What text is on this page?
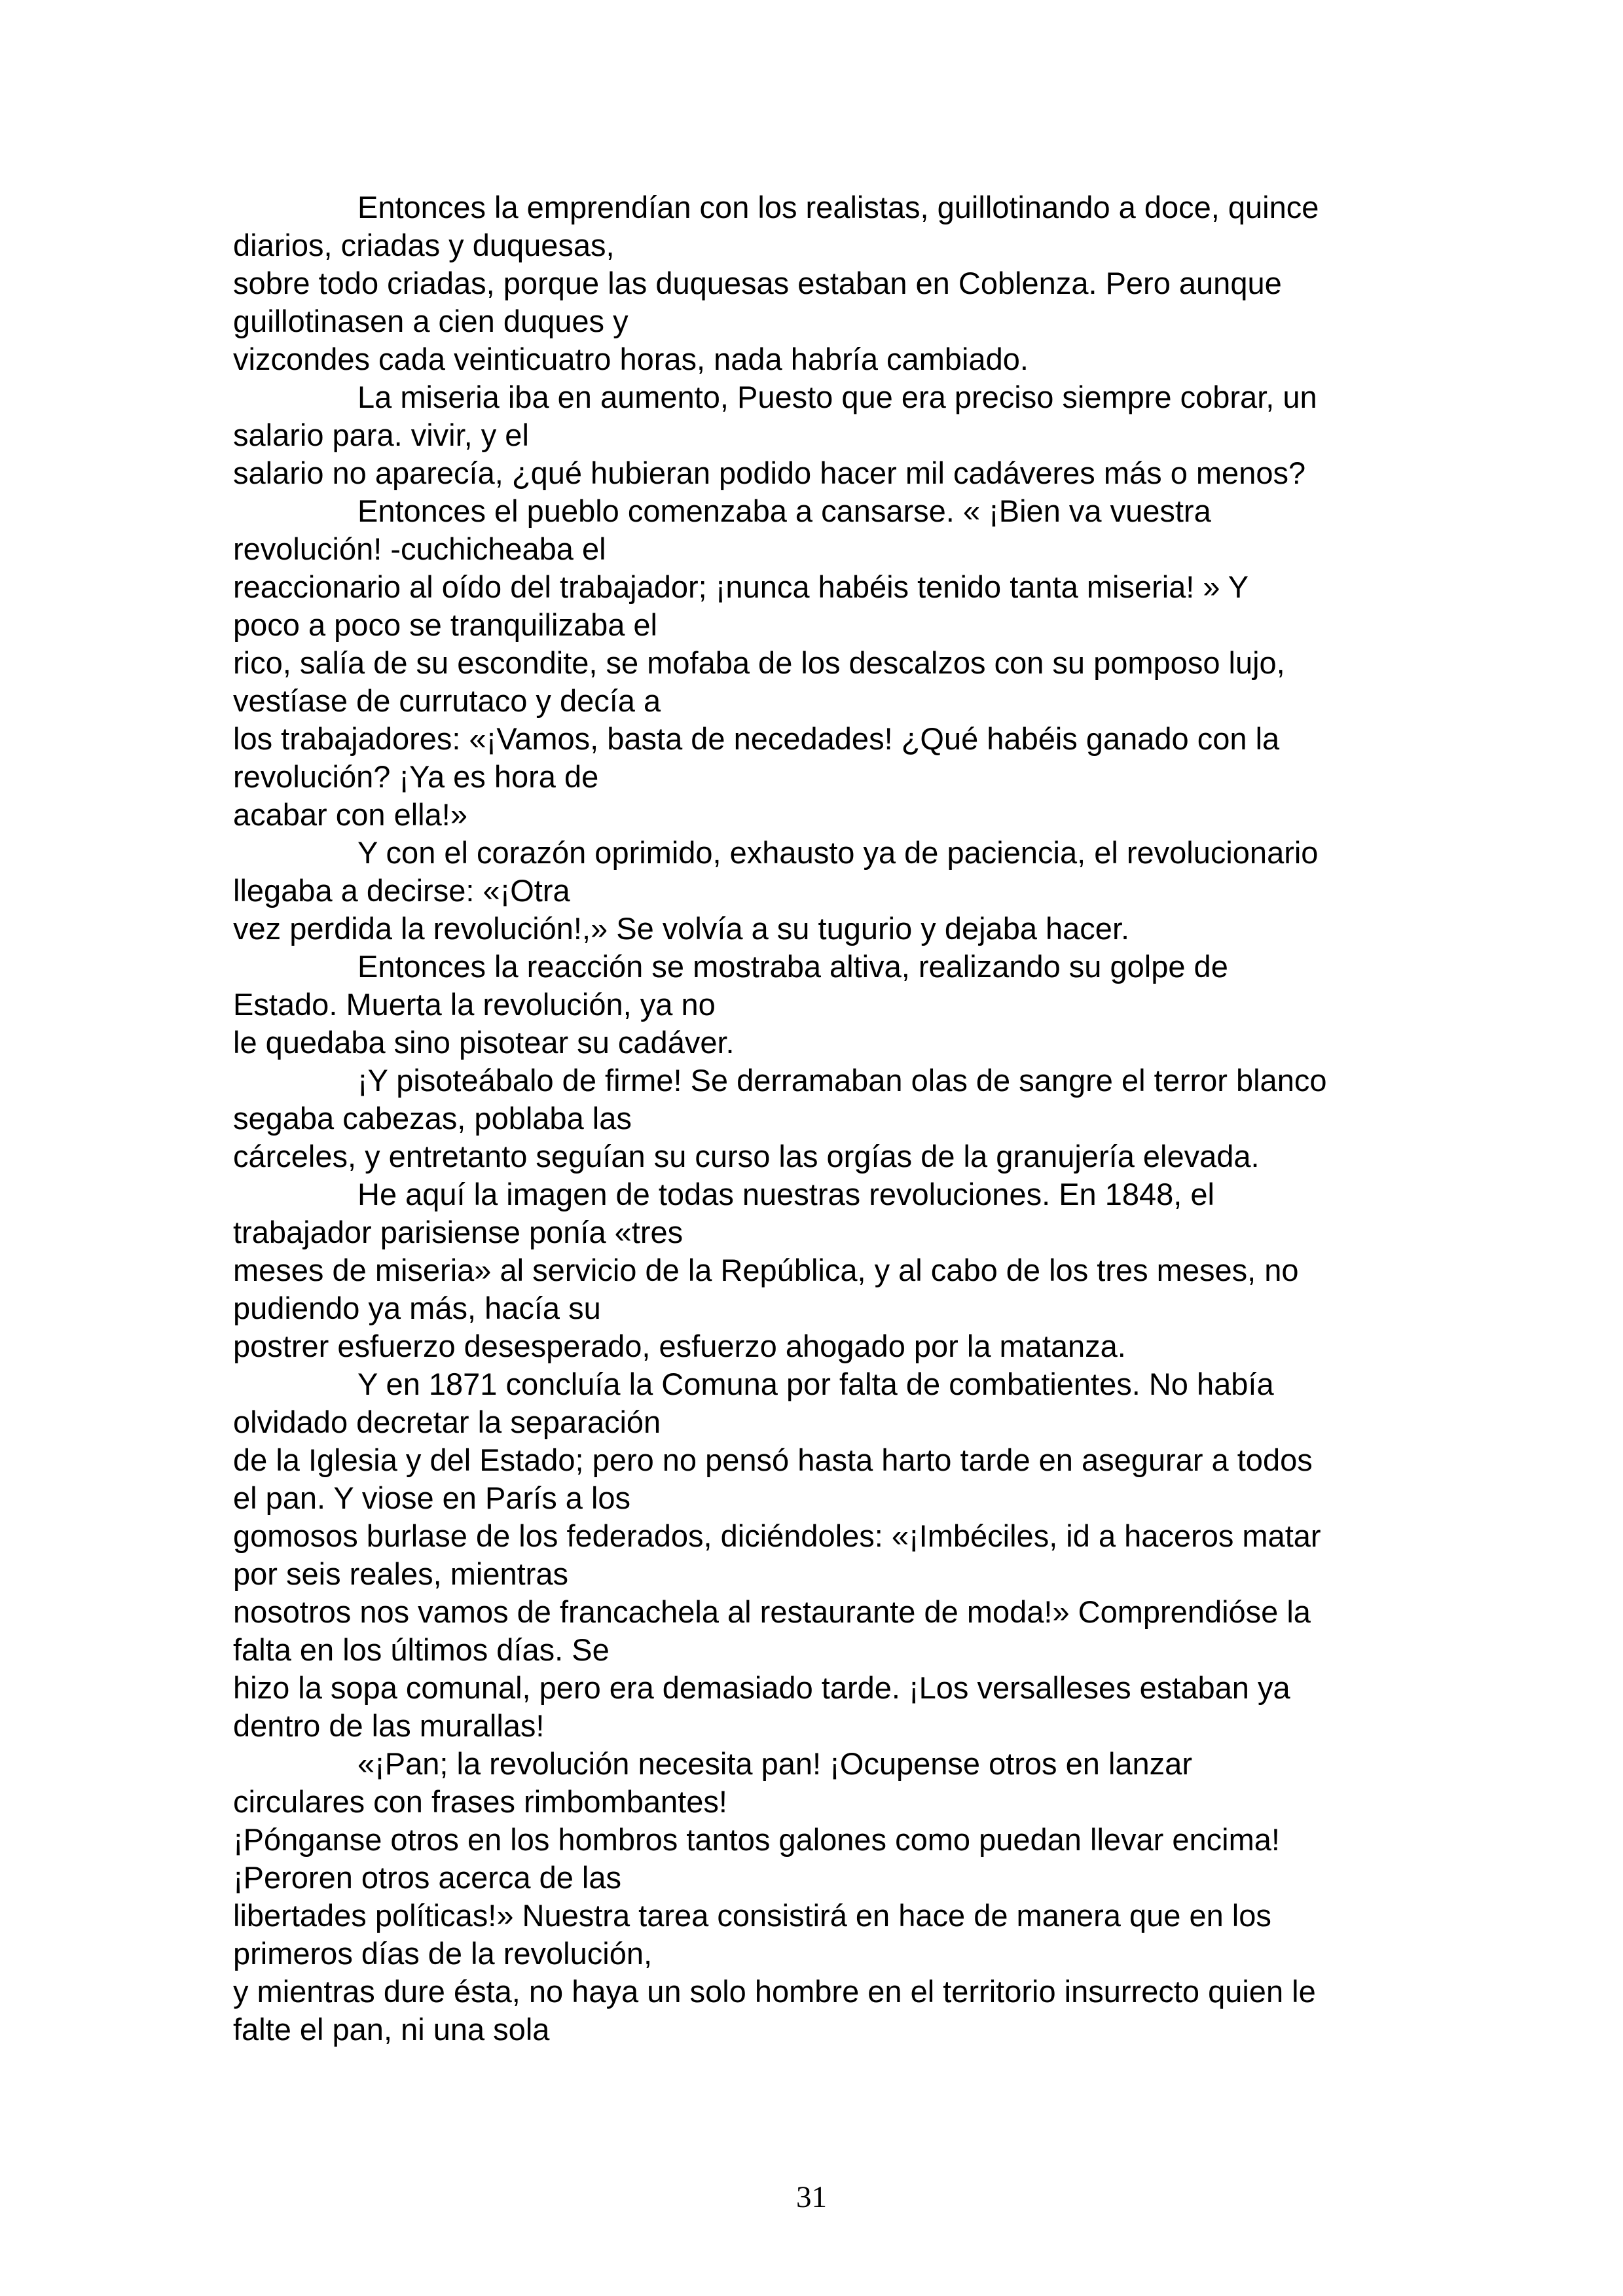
Entonces la emprendían con los realistas, guillotinando a doce, quince
diarios, criadas y duquesas,
sobre todo criadas, porque las duquesas estaban en Coblenza. Pero aunque
guillotinasen a cien duques y
vizcondes cada veinticuatro horas, nada habría cambiado.
La miseria iba en aumento, Puesto que era preciso siempre cobrar, un
salario para. vivir, y el
salario no aparecía, ¿qué hubieran podido hacer mil cadáveres más o menos?
Entonces el pueblo comenzaba a cansarse. « ¡Bien va vuestra
revolución! -cuchicheaba el
reaccionario al oído del trabajador; ¡nunca habéis tenido tanta miseria! » Y
poco a poco se tranquilizaba el
rico, salía de su escondite, se mofaba de los descalzos con su pomposo lujo,
vestíase de currutaco y decía a
los trabajadores: «¡Vamos, basta de necedades! ¿Qué habéis ganado con la
revolución? ¡Ya es hora de
acabar con ella!»
Y con el corazón oprimido, exhausto ya de paciencia, el revolucionario
llegaba a decirse: «¡Otra
vez perdida la revolución!,» Se volvía a su tugurio y dejaba hacer.
Entonces la reacción se mostraba altiva, realizando su golpe de
Estado. Muerta la revolución, ya no
le quedaba sino pisotear su cadáver.
¡Y pisoteábalo de firme! Se derramaban olas de sangre el terror blanco
segaba cabezas, poblaba las
cárceles, y entretanto seguían su curso las orgías de la granujería elevada.
He aquí la imagen de todas nuestras revoluciones. En 1848, el
trabajador parisiense ponía «tres
meses de miseria» al servicio de la República, y al cabo de los tres meses, no
pudiendo ya más, hacía su
postrer esfuerzo desesperado, esfuerzo ahogado por la matanza.
Y en 1871 concluía la Comuna por falta de combatientes. No había
olvidado decretar la separación
de la Iglesia y del Estado; pero no pensó hasta harto tarde en asegurar a todos
el pan. Y viose en París a los
gomosos burlase de los federados, diciéndoles: «¡Imbéciles, id a haceros matar
por seis reales, mientras
nosotros nos vamos de francachela al restaurante de moda!» Comprendióse la
falta en los últimos días. Se
hizo la sopa comunal, pero era demasiado tarde. ¡Los versalleses estaban ya
dentro de las murallas!
«¡Pan; la revolución necesita pan! ¡Ocupense otros en lanzar
circulares con frases rimbombantes!
¡Pónganse otros en los hombros tantos galones como puedan llevar encima!
¡Peroren otros acerca de las
libertades políticas!» Nuestra tarea consistirá en hace de manera que en los
primeros días de la revolución,
y mientras dure ésta, no haya un solo hombre en el territorio insurrecto quien le
falte el pan, ni una sola
31
